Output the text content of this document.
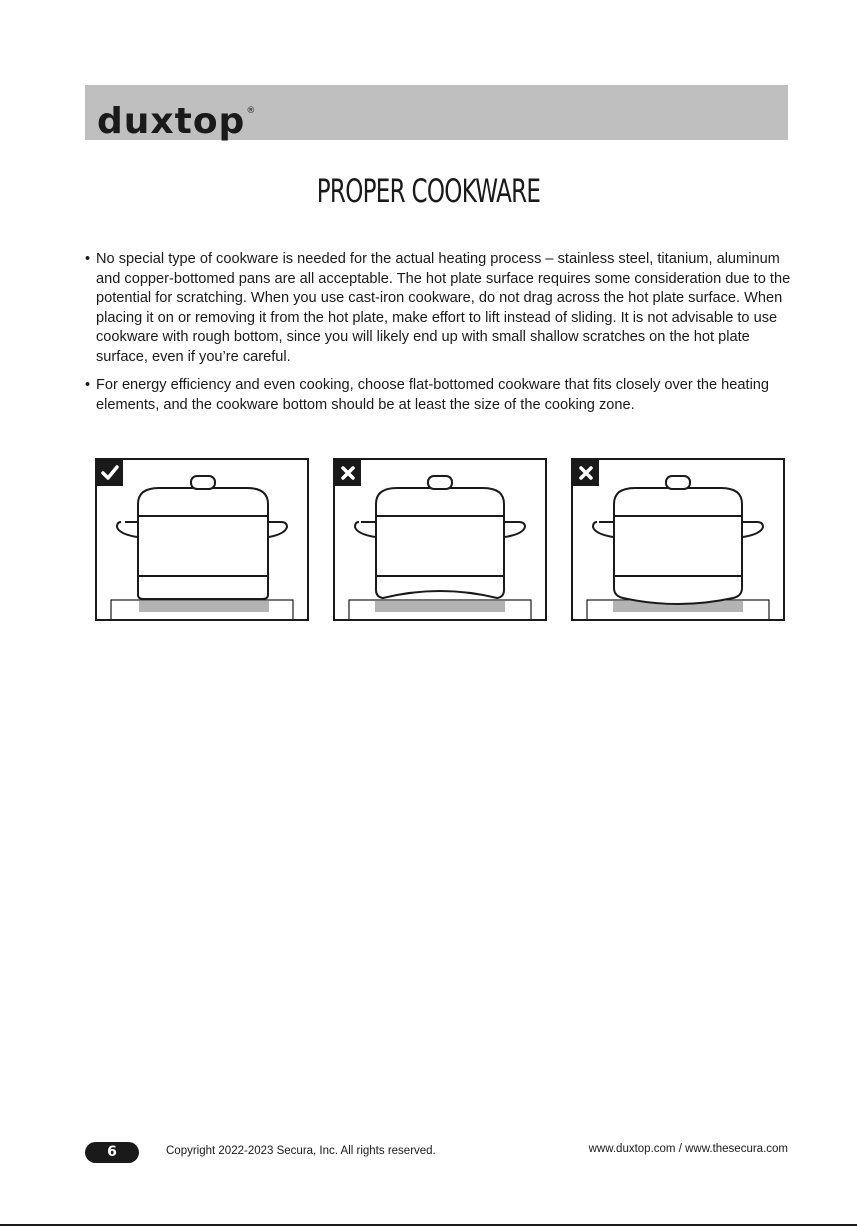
duxtop®
PROPER COOKWARE
• No special type of cookware is needed for the actual heating process – stainless steel, titanium, aluminum and copper-bottomed pans are all acceptable. The hot plate surface requires some consideration due to the potential for scratching. When you use cast-iron cookware, do not drag across the hot plate surface. When placing it on or removing it from the hot plate, make effort to lift instead of sliding. It is not advisable to use cookware with rough bottom, since you will likely end up with small shallow scratches on the hot plate surface, even if you’re careful.
• For energy efficiency and even cooking, choose flat-bottomed cookware that fits closely over the heating elements, and the cookware bottom should be at least the size of the cooking zone.
6	Copyright 2022-2023 Secura, Inc. All rights reserved.	www.duxtop.com / www.thesecura.com
